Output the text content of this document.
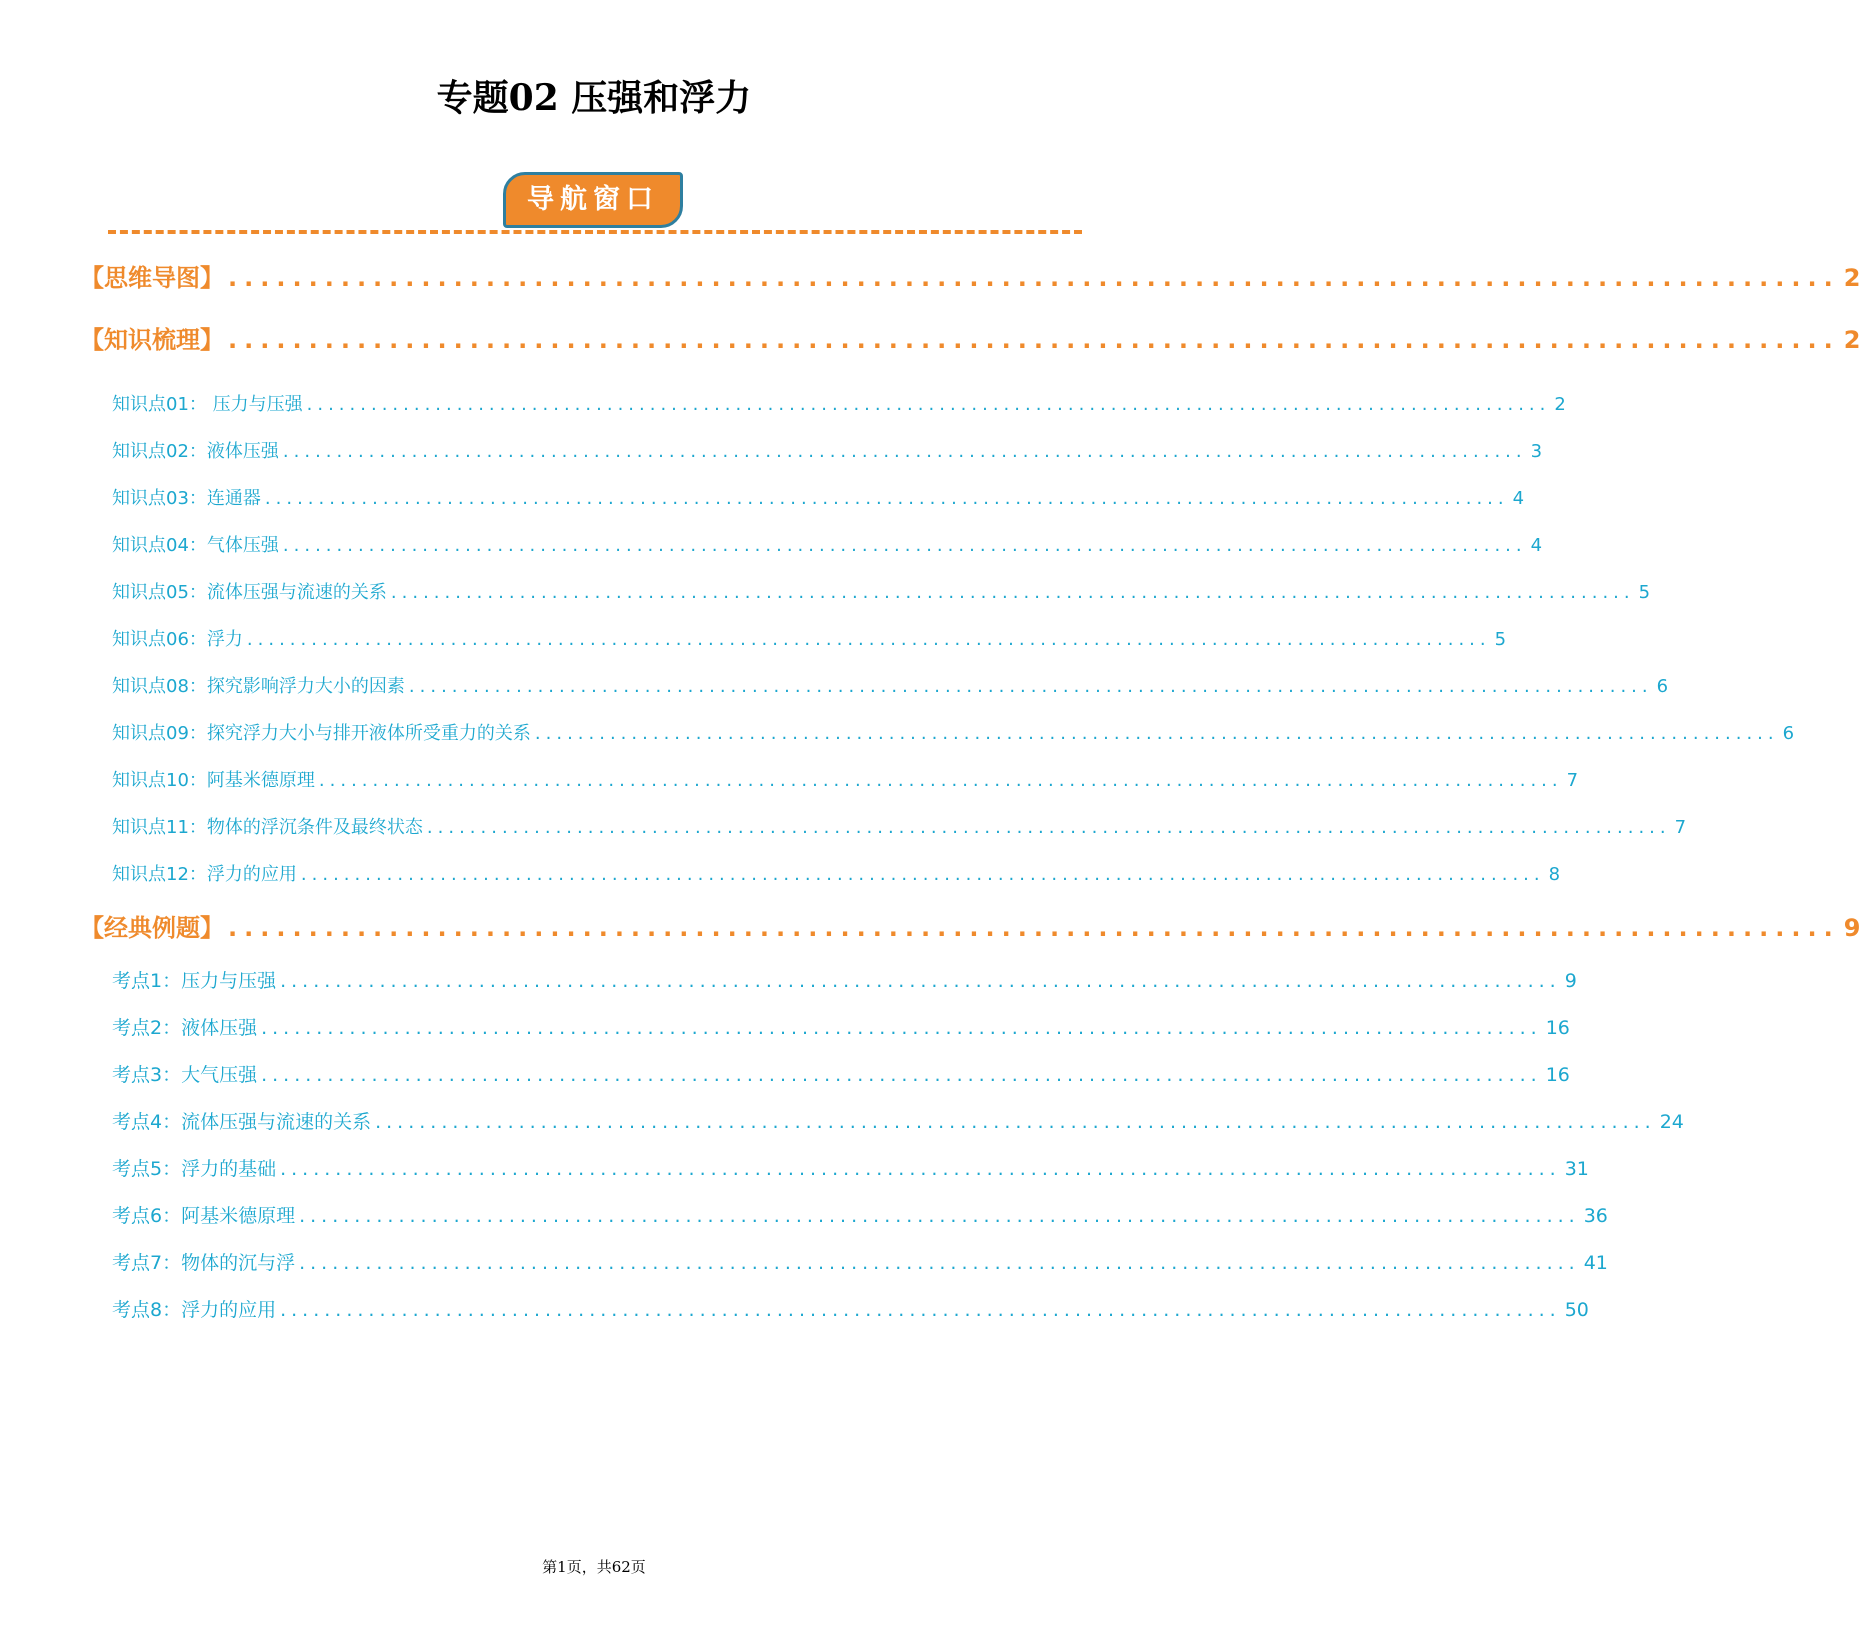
专题02 压强和浮力
导航窗口
【思维导图】 .................................................................................................... 2
【知识梳理】 .................................................................................................... 2
知识点01： 压力与压强 .................................................................................................................... 2
知识点02：液体压强 .................................................................................................................... 3
知识点03：连通器 .................................................................................................................... 4
知识点04：气体压强 .................................................................................................................... 4
知识点05：流体压强与流速的关系 .................................................................................................................... 5
知识点06：浮力 .................................................................................................................... 5
知识点08：探究影响浮力大小的因素 .................................................................................................................... 6
知识点09：探究浮力大小与排开液体所受重力的关系 .................................................................................................................... 6
知识点10：阿基米德原理 .................................................................................................................... 7
知识点11：物体的浮沉条件及最终状态 .................................................................................................................... 7
知识点12：浮力的应用 .................................................................................................................... 8
【经典例题】 .................................................................................................... 9
考点1：压力与压强 .................................................................................................................... 9
考点2：液体压强 .................................................................................................................... 16
考点3：大气压强 .................................................................................................................... 16
考点4：流体压强与流速的关系 .................................................................................................................... 24
考点5：浮力的基础 .................................................................................................................... 31
考点6：阿基米德原理 .................................................................................................................... 36
考点7：物体的沉与浮 .................................................................................................................... 41
考点8：浮力的应用 .................................................................................................................... 50
第1页，共62页
